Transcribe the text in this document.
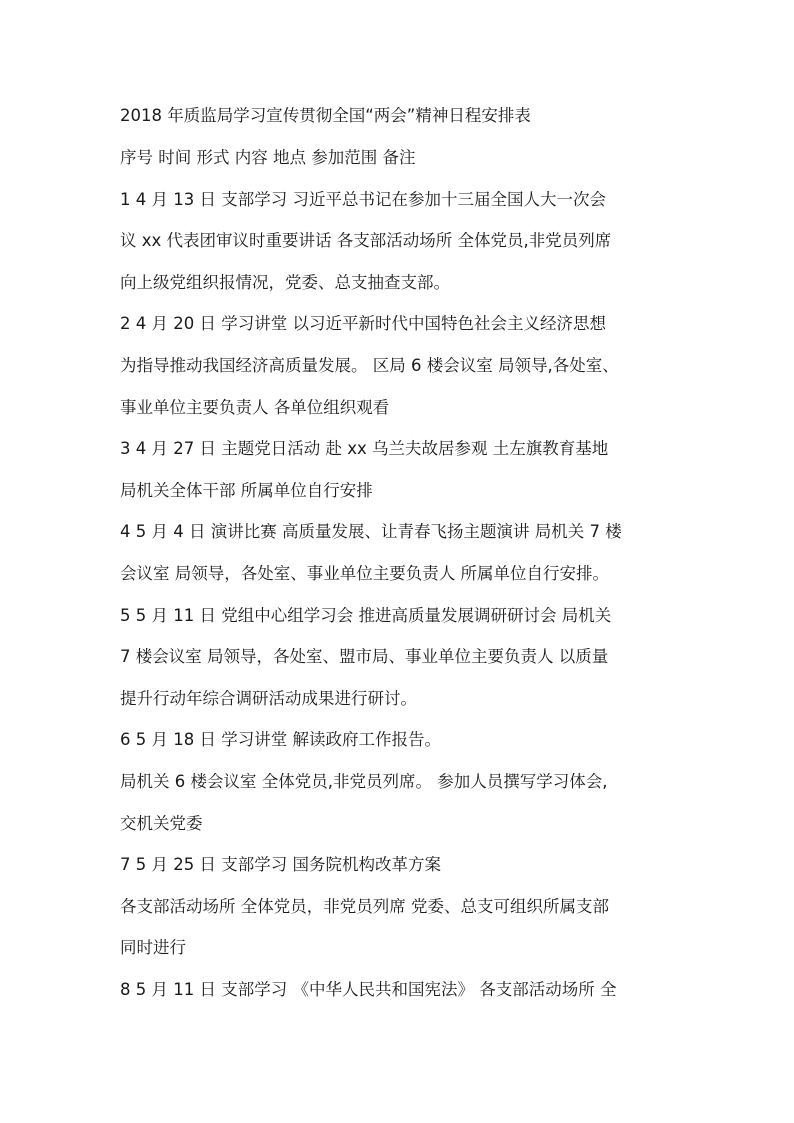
2018 年质监局学习宣传贯彻全国“两会”精神日程安排表
序号 时间 形式 内容 地点 参加范围 备注
1 4 月 13 日 支部学习 习近平总书记在参加十三届全国人大一次会
议 xx 代表团审议时重要讲话 各支部活动场所 全体党员,非党员列席
向上级党组织报情况，党委、总支抽查支部。
2 4 月 20 日 学习讲堂 以习近平新时代中国特色社会主义经济思想
为指导推动我国经济高质量发展。 区局 6 楼会议室 局领导,各处室、
事业单位主要负责人 各单位组织观看
3 4 月 27 日 主题党日活动 赴 xx 乌兰夫故居参观 土左旗教育基地
局机关全体干部 所属单位自行安排
4 5 月 4 日 演讲比赛 高质量发展、让青春飞扬主题演讲 局机关 7 楼
会议室 局领导，各处室、事业单位主要负责人 所属单位自行安排。
5 5 月 11 日 党组中心组学习会 推进高质量发展调研研讨会 局机关
7 楼会议室 局领导，各处室、盟市局、事业单位主要负责人 以质量
提升行动年综合调研活动成果进行研讨。
6 5 月 18 日 学习讲堂 解读政府工作报告。
局机关 6 楼会议室 全体党员,非党员列席。 参加人员撰写学习体会,
交机关党委
7 5 月 25 日 支部学习 国务院机构改革方案
各支部活动场所 全体党员，非党员列席 党委、总支可组织所属支部
同时进行
8 5 月 11 日 支部学习 《中华人民共和国宪法》 各支部活动场所 全
